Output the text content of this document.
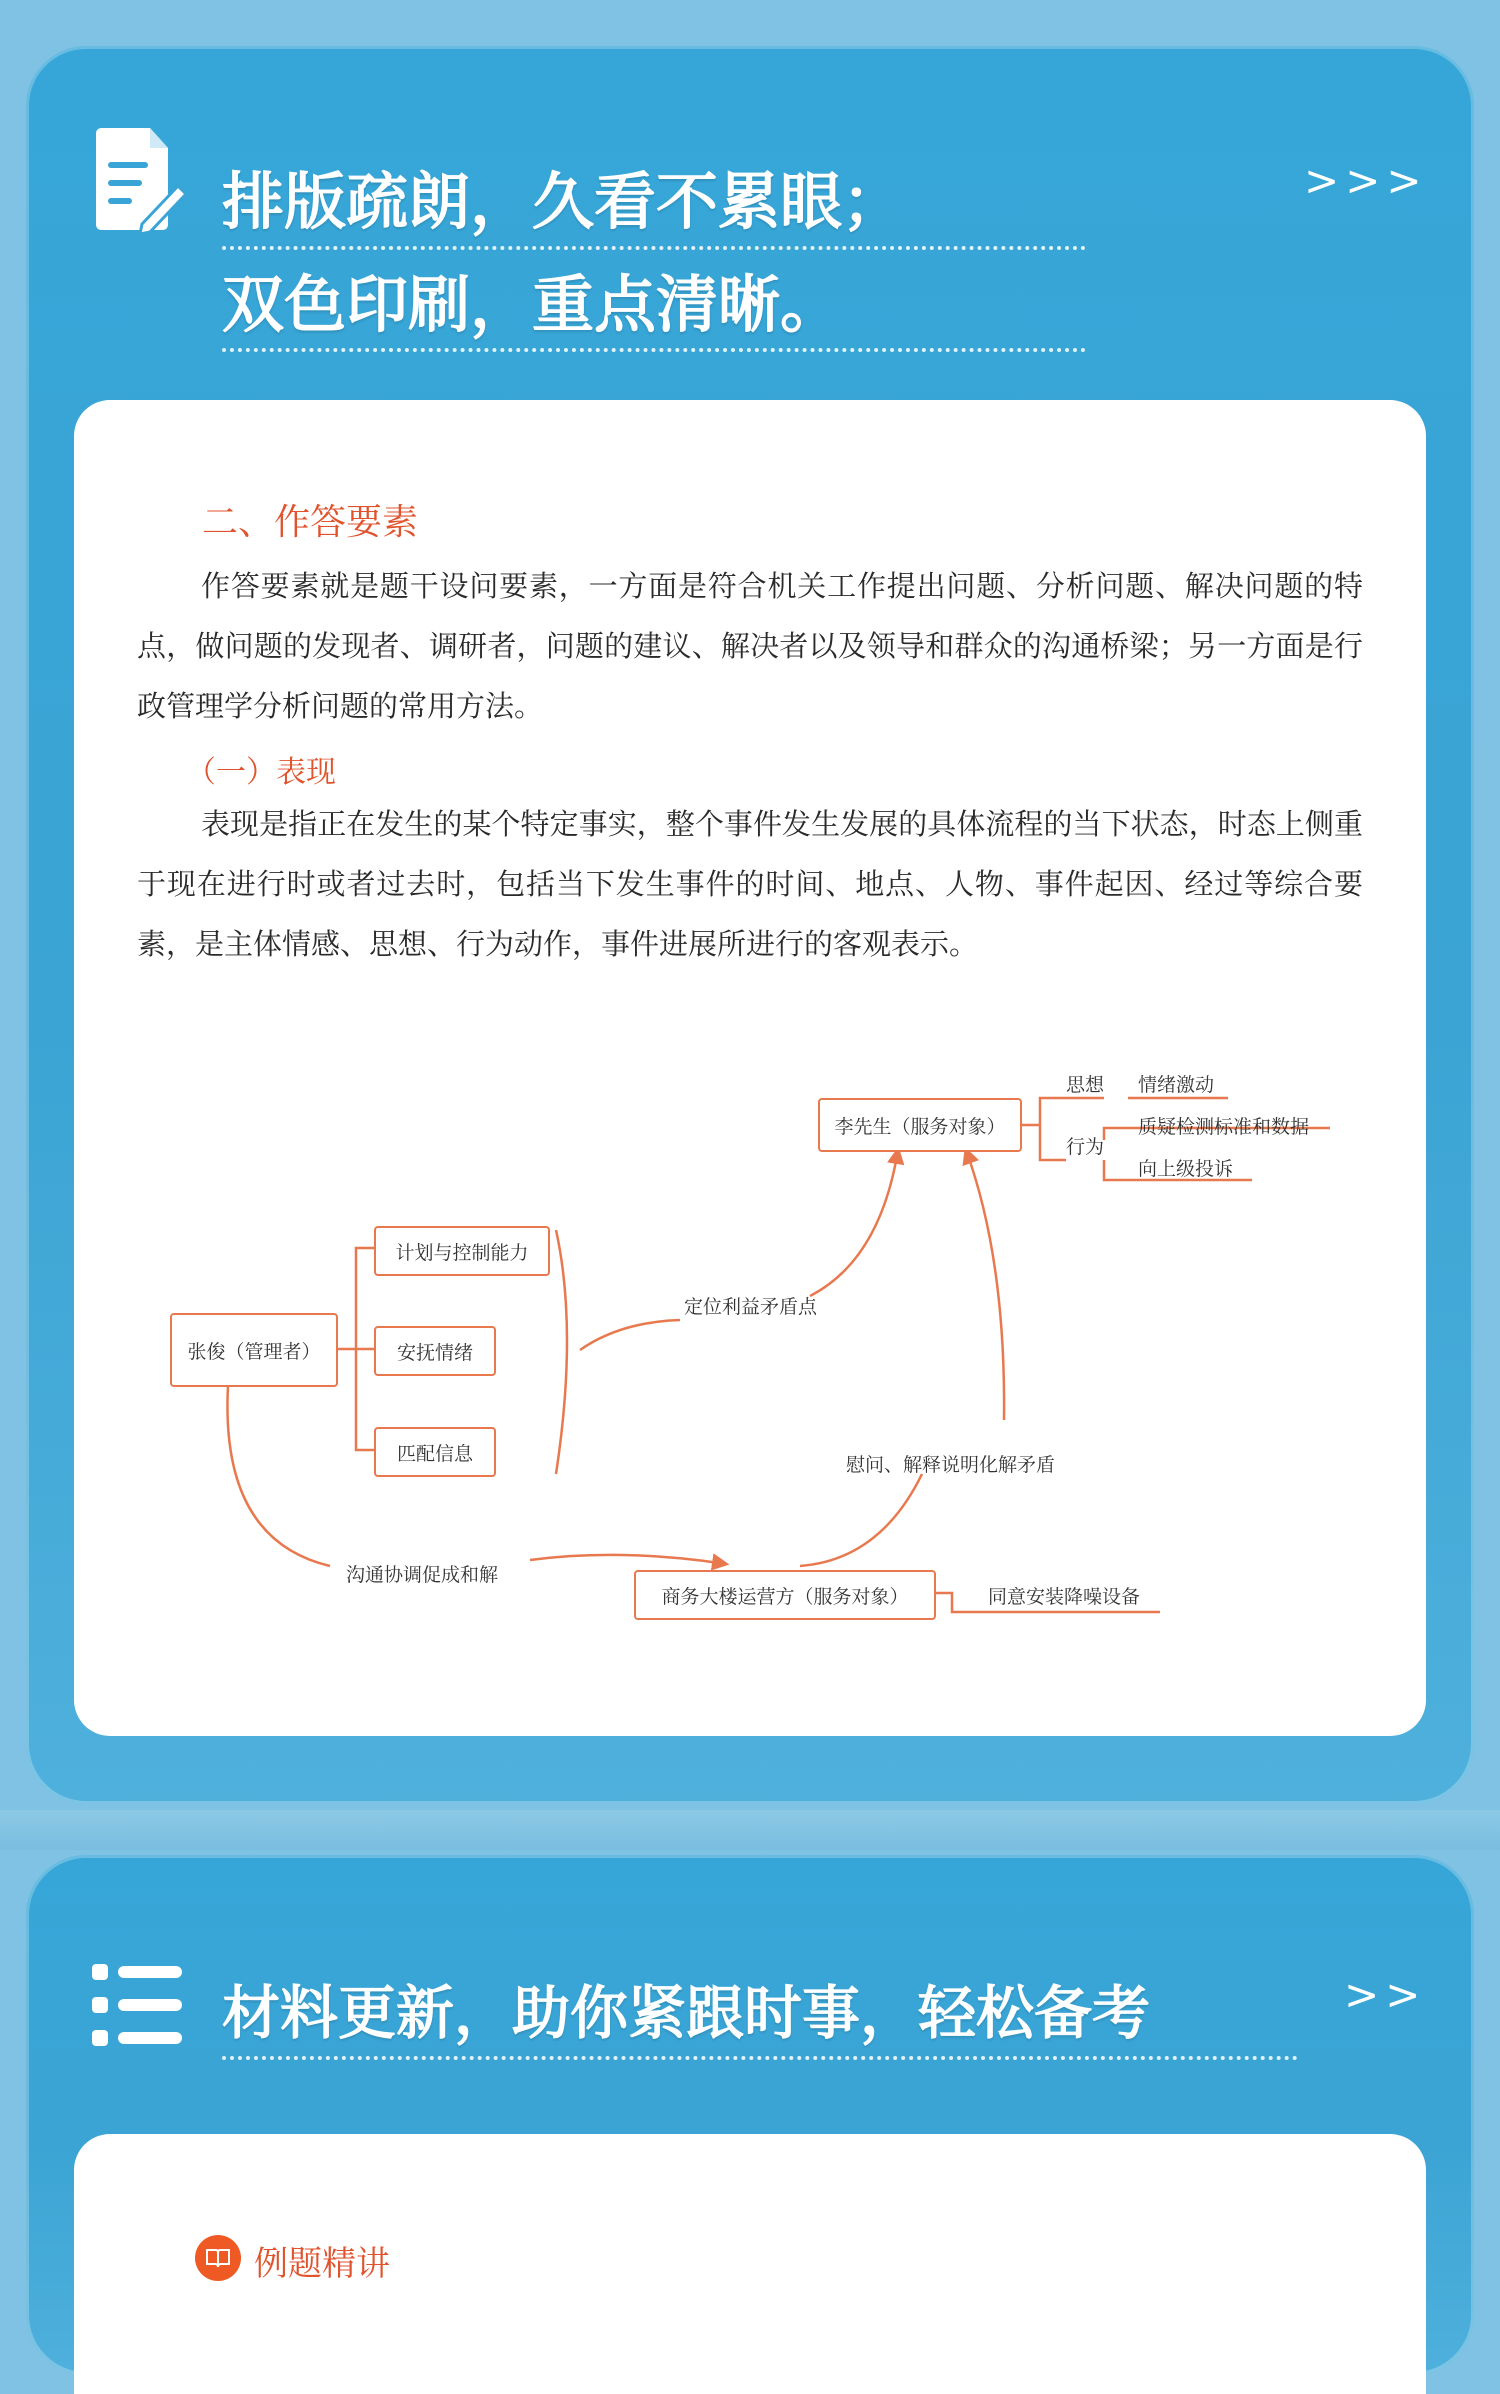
排版疏朗，久看不累眼；
双色印刷，重点清晰。
>>>
二、作答要素
作答要素就是题干设问要素，一方面是符合机关工作提出问题、分析问题、解决问题的特点，做问题的发现者、调研者，问题的建议、解决者以及领导和群众的沟通桥梁；另一方面是行政管理学分析问题的常用方法。
（一）表现
表现是指正在发生的某个特定事实，整个事件发生发展的具体流程的当下状态，时态上侧重于现在进行时或者过去时，包括当下发生事件的时间、地点、人物、事件起因、经过等综合要素，是主体情感、思想、行为动作，事件进展所进行的客观表示。
张俊（管理者）
计划与控制能力
安抚情绪
匹配信息
定位利益矛盾点
李先生（服务对象）
思想 情绪激动
行为
质疑检测标准和数据
向上级投诉
慰问、解释说明化解矛盾
沟通协调促成和解
商务大楼运营方（服务对象）	同意安装降噪设备
材料更新，助你紧跟时事，轻松备考	>>
例题精讲
